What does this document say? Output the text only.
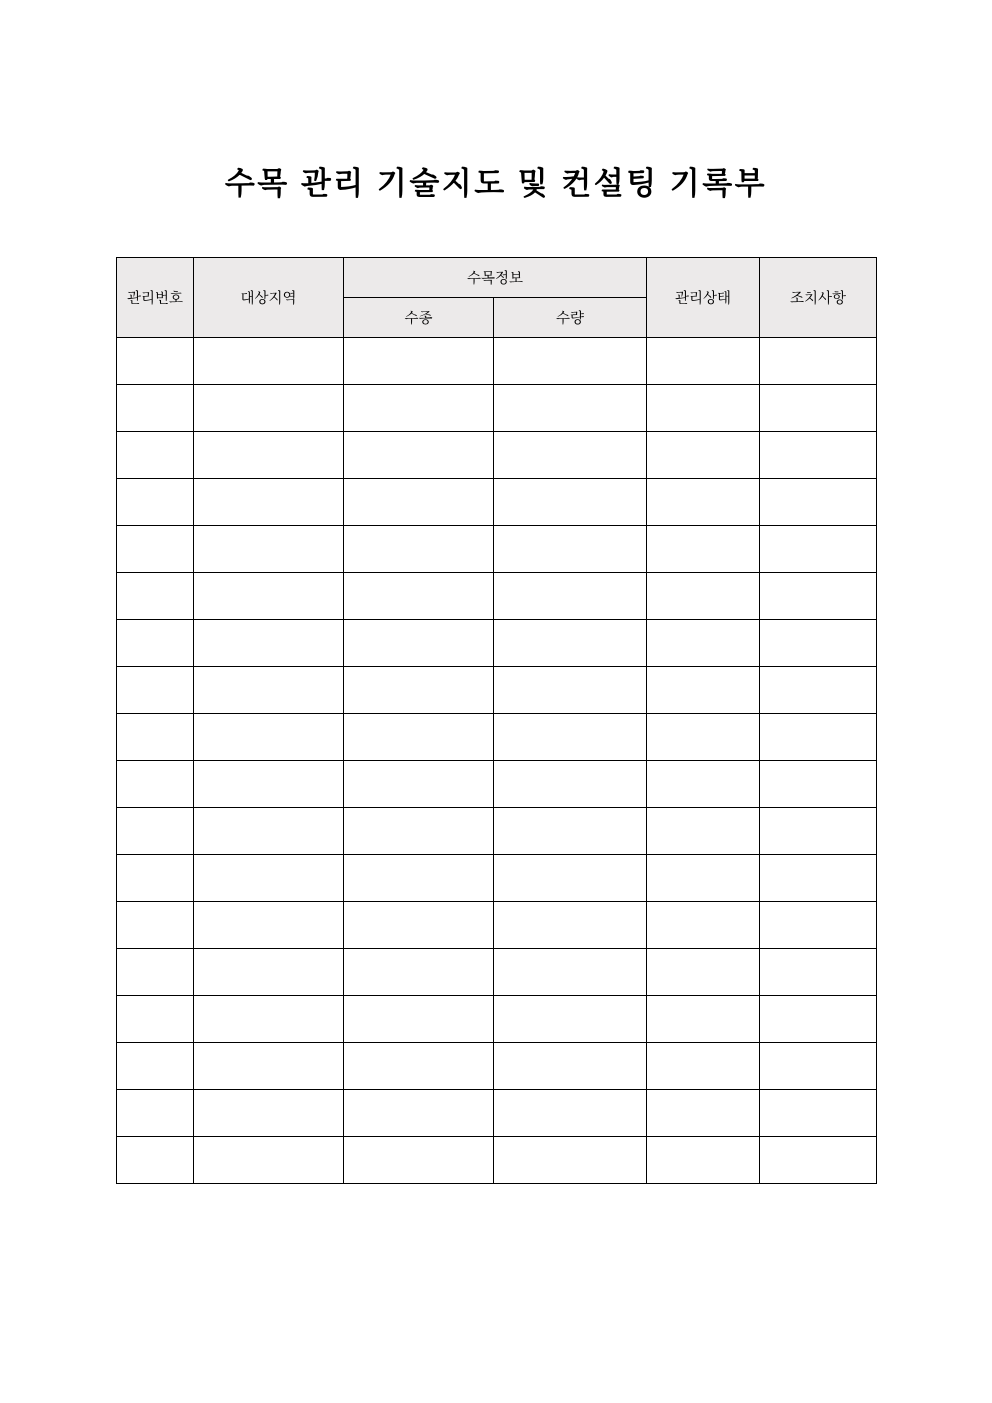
수목 관리 기술지도 및 컨설팅 기록부
관리번호	대상지역	수목정보		관리상태	조치사항
		수종	수량		
